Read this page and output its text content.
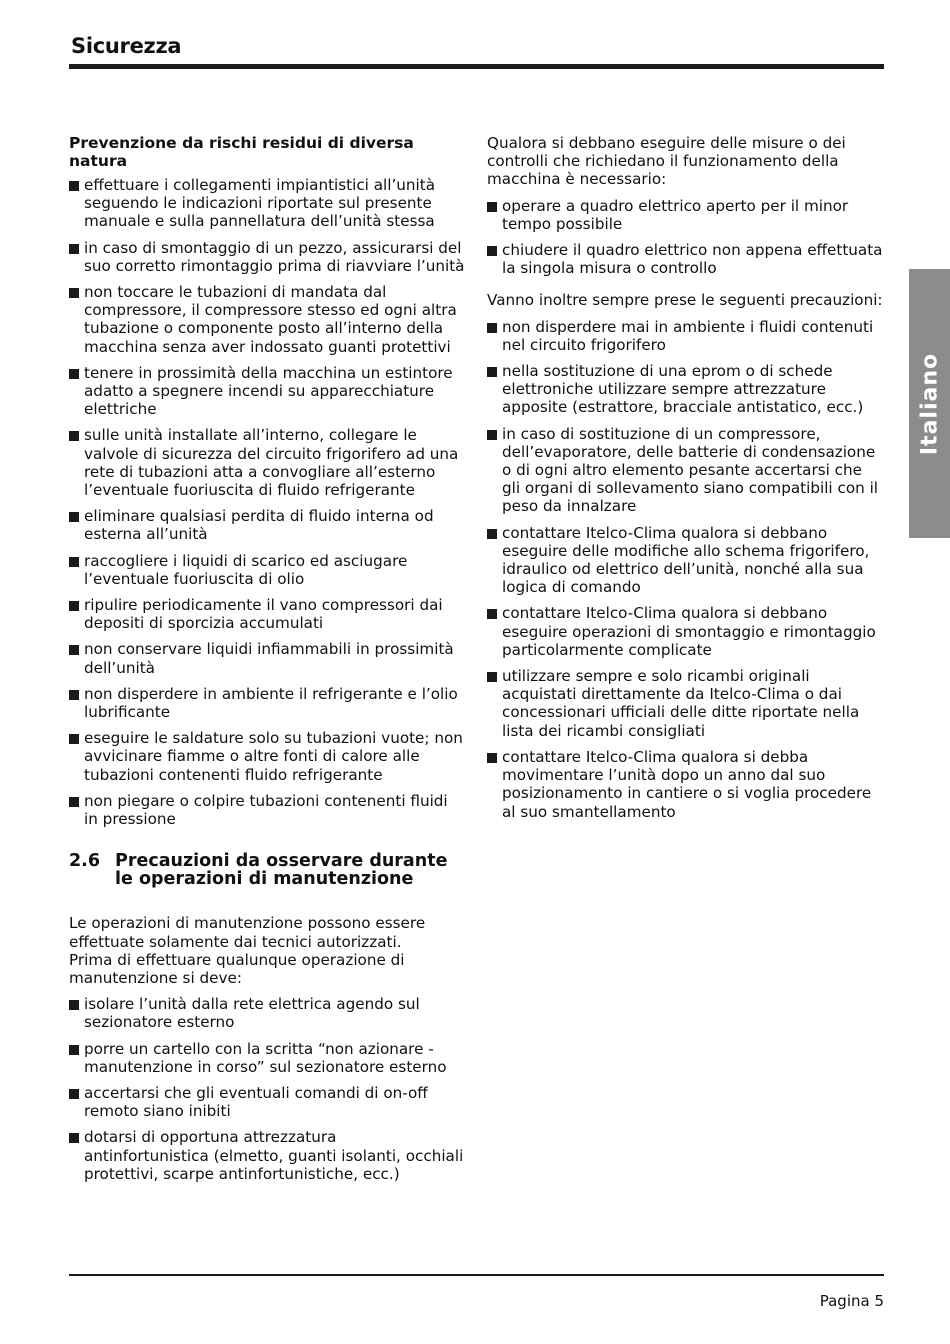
Sicurezza
Prevenzione da rischi residui di diversa natura
effettuare i collegamenti impiantistici all’unità seguendo le indicazioni riportate sul presente manuale e sulla pannellatura dell’unità stessa
in caso di smontaggio di un pezzo, assicurarsi del suo corretto rimontaggio prima di riavviare l’unità
non toccare le tubazioni di mandata dal compressore, il compressore stesso ed ogni altra tubazione o componente posto all’interno della macchina senza aver indossato guanti protettivi
tenere in prossimità della macchina un estintore adatto a spegnere incendi su apparecchiature elettriche
sulle unità installate all’interno, collegare le valvole di sicurezza del circuito frigorifero ad una rete di tubazioni atta a convogliare all’esterno l’eventuale fuoriuscita di fluido refrigerante
eliminare qualsiasi perdita di fluido interna od esterna all’unità
raccogliere i liquidi di scarico ed asciugare l’eventuale fuoriuscita di olio
ripulire periodicamente il vano compressori dai depositi di sporcizia accumulati
non conservare liquidi infiammabili in prossimità dell’unità
non disperdere in ambiente il refrigerante e l’olio lubrificante
eseguire le saldature solo su tubazioni vuote; non avvicinare fiamme o altre fonti di calore alle tubazioni contenenti fluido refrigerante
non piegare o colpire tubazioni contenenti fluidi in pressione
2.6 Precauzioni da osservare durante le operazioni di manutenzione
Le operazioni di manutenzione possono essere effettuate solamente dai tecnici autorizzati.
Prima di effettuare qualunque operazione di manutenzione si deve:
isolare l’unità dalla rete elettrica agendo sul sezionatore esterno
porre un cartello con la scritta “non azionare - manutenzione in corso” sul sezionatore esterno
accertarsi che gli eventuali comandi di on-off remoto siano inibiti
dotarsi di opportuna attrezzatura antinfortunistica (elmetto, guanti isolanti, occhiali protettivi, scarpe antinfortunistiche, ecc.)
Qualora si debbano eseguire delle misure o dei controlli che richiedano il funzionamento della macchina è necessario:
operare a quadro elettrico aperto per il minor tempo possibile
chiudere il quadro elettrico non appena effettuata la singola misura o controllo
Vanno inoltre sempre prese le seguenti precauzioni:
non disperdere mai in ambiente i fluidi contenuti nel circuito frigorifero
nella sostituzione di una eprom o di schede elettroniche utilizzare sempre attrezzature apposite (estrattore, bracciale antistatico, ecc.)
in caso di sostituzione di un compressore, dell’evaporatore, delle batterie di condensazione o di ogni altro elemento pesante accertarsi che gli organi di sollevamento siano compatibili con il peso da innalzare
contattare Itelco-Clima qualora si debbano eseguire delle modifiche allo schema frigorifero, idraulico od elettrico dell’unità, nonché alla sua logica di comando
contattare Itelco-Clima qualora si debbano eseguire operazioni di smontaggio e rimontaggio particolarmente complicate
utilizzare sempre e solo ricambi originali acquistati direttamente da Itelco-Clima o dai concessionari ufficiali delle ditte riportate nella lista dei ricambi consigliati
contattare Itelco-Clima qualora si debba movimentare l’unità dopo un anno dal suo posizionamento in cantiere o si voglia procedere al suo smantellamento
Italiano
Pagina 5
